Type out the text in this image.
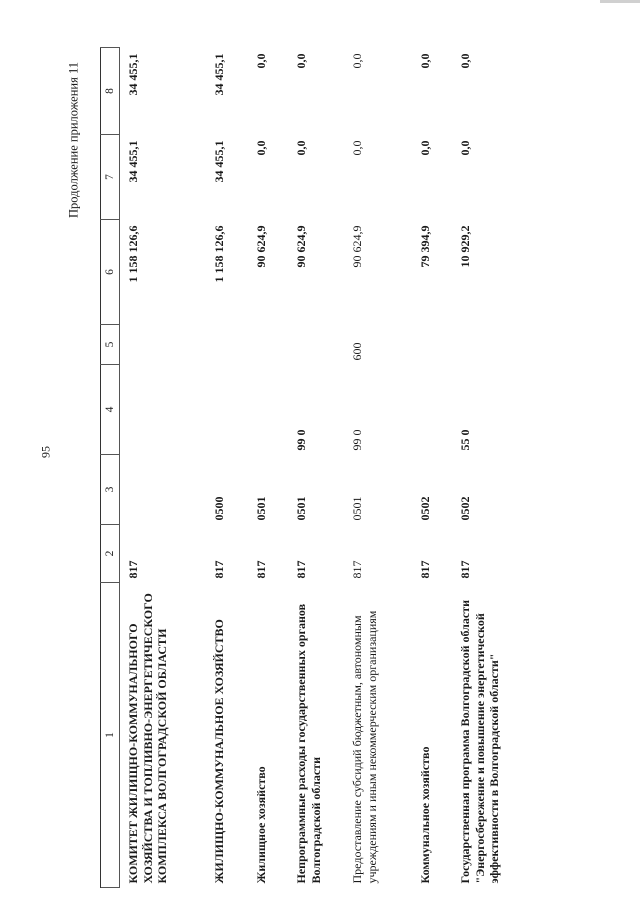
95
Продолжение приложения 11
1	2	3	4	5	6	7	8
КОМИТЕТ ЖИЛИЩНО-КОММУНАЛЬНОГО ХОЗЯЙСТВА И ТОПЛИВНО-ЭНЕРГЕТИЧЕСКОГО КОМПЛЕКСА ВОЛГОГРАДСКОЙ ОБЛАСТИ	817				1 158 126,6	34 455,1	34 455,1
ЖИЛИЩНО-КОММУНАЛЬНОЕ ХОЗЯЙСТВО	817	0500			1 158 126,6	34 455,1	34 455,1
Жилищное хозяйство	817	0501			90 624,9	0,0	0,0
Непрограммные расходы государственных органов Волгоградской области	817	0501	99 0		90 624,9	0,0	0,0
Предоставление субсидий бюджетным, автономным учреждениям и иным некоммерческим организациям	817	0501	99 0	600	90 624,9	0,0	0,0
Коммунальное хозяйство	817	0502			79 394,9	0,0	0,0
Государственная программа Волгоградской области "Энергосбережение и повышение энергетической эффективности в Волгоградской области"	817	0502	55 0		10 929,2	0,0	0,0
